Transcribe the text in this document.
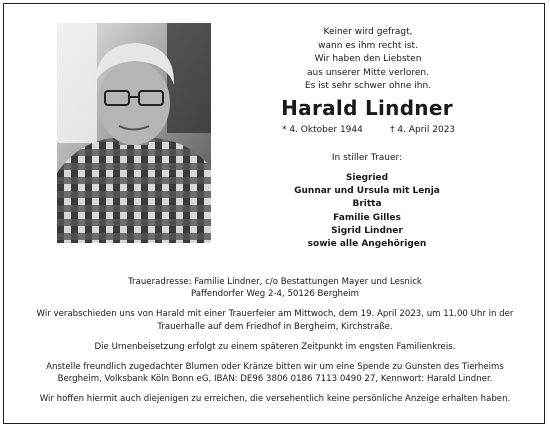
Keiner wird gefragt,
wann es ihm recht ist.
Wir haben den Liebsten
aus unserer Mitte verloren.
Es ist sehr schwer ohne ihn.
Harald Lindner
* 4. Oktober 1944	† 4. April 2023
In stiller Trauer:
Siegried
Gunnar und Ursula mit Lenja
Britta
Familie Gilles
Sigrid Lindner
sowie alle Angehörigen

Traueradresse: Familie Lindner, c/o Bestattungen Mayer und Lesnick

Paffendorfer Weg 2-4, 50126 Bergheim

Wir verabschieden uns von Harald mit einer Trauerfeier am Mittwoch, dem 19. April 2023, um 11.00 Uhr in der

Trauerhalle auf dem Friedhof in Bergheim, Kirchstraße.

Die Urnenbeisetzung erfolgt zu einem späteren Zeitpunkt im engsten Familienkreis.

Anstelle freundlich zugedachter Blumen oder Kränze bitten wir um eine Spende zu Gunsten des Tierheims

Bergheim, Volksbank Köln Bonn eG, IBAN: DE96 3806 0186 7113 0490 27, Kennwort: Harald Lindner.

Wir hoffen hiermit auch diejenigen zu erreichen, die versehentlich keine persönliche Anzeige erhalten haben.
